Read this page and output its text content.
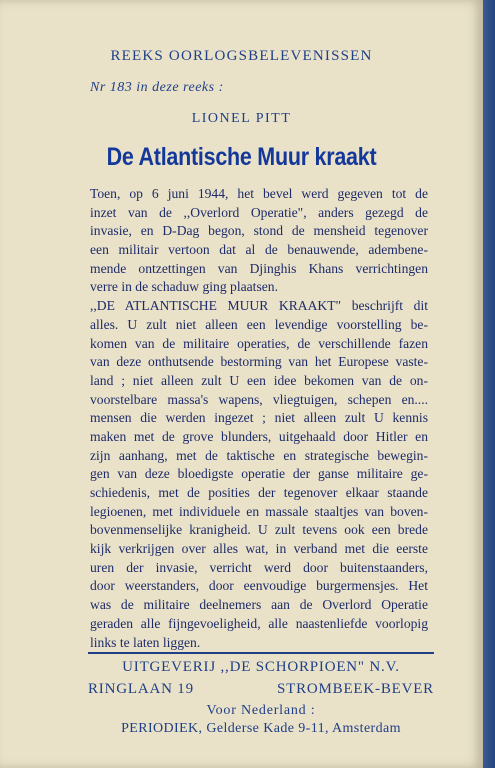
REEKS OORLOGSBELEVENISSEN
Nr 183 in deze reeks :
LIONEL PITT
De Atlantische Muur kraakt
Toen, op 6 juni 1944, het bevel werd gegeven tot de
inzet van de ,,Overlord Operatie", anders gezegd de
invasie, en D-Dag begon, stond de mensheid tegenover
een militair vertoon dat al de benauwende, adembene-
mende ontzettingen van Djinghis Khans verrichtingen
verre in de schaduw ging plaatsen.
,,DE ATLANTISCHE MUUR KRAAKT" beschrijft dit
alles. U zult niet alleen een levendige voorstelling be-
komen van de militaire operaties, de verschillende fazen
van deze onthutsende bestorming van het Europese vaste-
land ; niet alleen zult U een idee bekomen van de on-
voorstelbare massa's wapens, vliegtuigen, schepen en....
mensen die werden ingezet ; niet alleen zult U kennis
maken met de grove blunders, uitgehaald door Hitler en
zijn aanhang, met de taktische en strategische bewegin-
gen van deze bloedigste operatie der ganse militaire ge-
schiedenis, met de posities der tegenover elkaar staande
legioenen, met individuele en massale staaltjes van boven-
bovenmenselijke kranigheid. U zult tevens ook een brede
kijk verkrijgen over alles wat, in verband met die eerste
uren der invasie, verricht werd door buitenstaanders,
door weerstanders, door eenvoudige burgermensjes. Het
was de militaire deelnemers aan de Overlord Operatie
geraden alle fijngevoeligheid, alle naastenliefde voorlopig
links te laten liggen.
UITGEVERIJ ,,DE SCHORPIOEN" N.V.
RINGLAAN 19	STROMBEEK-BEVER
Voor Nederland :
PERIODIEK, Gelderse Kade 9-11, Amsterdam
